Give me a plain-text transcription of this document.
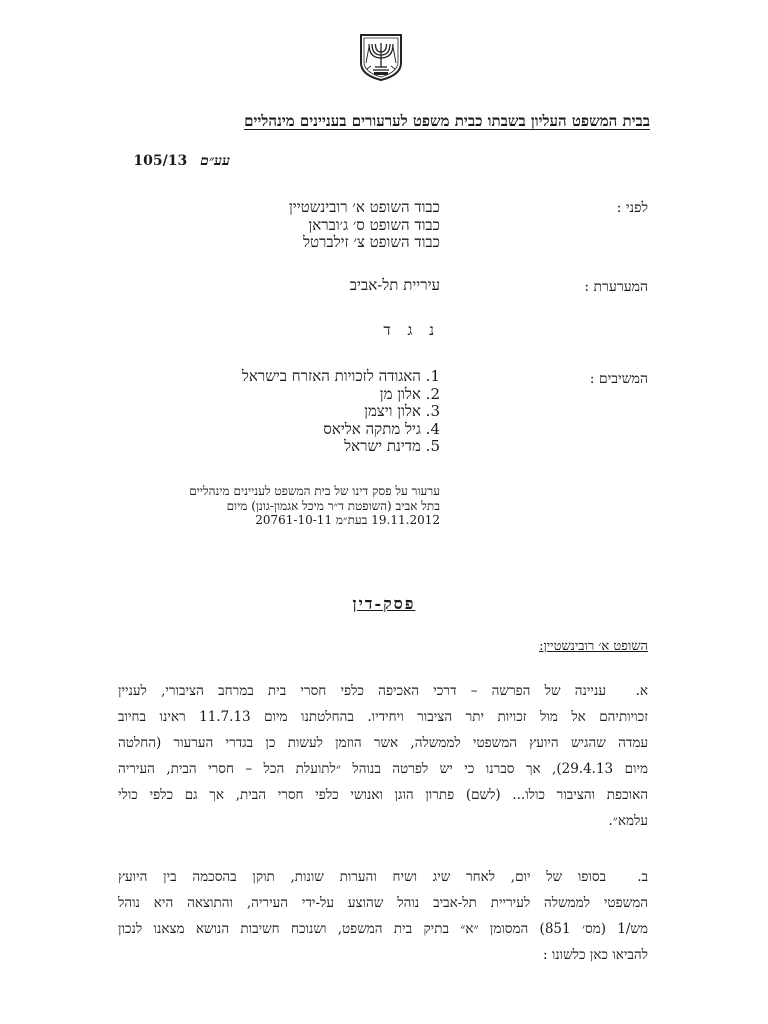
בבית המשפט העליון בשבתו כבית משפט לערעורים בעניינים מינהליים
עע״ם 105/13
לפני :
כבוד השופט א׳ רובינשטיין
כבוד השופט ס׳ ג׳ובראן
כבוד השופט צ׳ זילברטל
המערערת :
עיריית תל-אביב
נ ג ד
המשיבים :
1. האגודה לזכויות האזרח בישראל
2. אלון מן
3. אלון ויצמן
4. גיל מתקה אליאס
5. מדינת ישראל
ערעור על פסק דינו של בית המשפט לעניינים מינהליים
בתל אביב (השופטת ד״ר מיכל אגמון-גונן) מיום
19.11.2012 בעת״מ 20761-10-11
פסק-דין
השופט א׳ רובינשטיין:
א.עניינה של הפרשה – דרכי האכיפה כלפי חסרי בית במרחב הציבורי, לעניין
זכויותיהם אל מול זכויות יתר הציבור ויחידיו. בהחלטתנו מיום 11.7.13 ראינו בחיוב
עמדה שהגיש היועץ המשפטי לממשלה, אשר הוזמן לעשות כן בגדרי הערעור (החלטה
מיום 29.4.13), אך סברנו כי יש לפרטה בנוהל ״לתועלת הכל – חסרי הבית, העיריה
האוכפת והציבור כולו... (לשם) פתרון הוגן ואנושי כלפי חסרי הבית, אך גם כלפי כולי
עלמא״.
ב.בסופו של יום, לאחר שיג ושיח והערות שונות, תוקן בהסכמה בין היועץ
המשפטי לממשלה לעיריית תל-אביב נוהל שהוצע על-ידי העיריה, והתוצאה היא נוהל
מש/1 (מס׳ 851) המסומן ״א״ בתיק בית המשפט, ושנוכח חשיבות הנושא מצאנו לנכון
להביאו כאן כלשונו :
